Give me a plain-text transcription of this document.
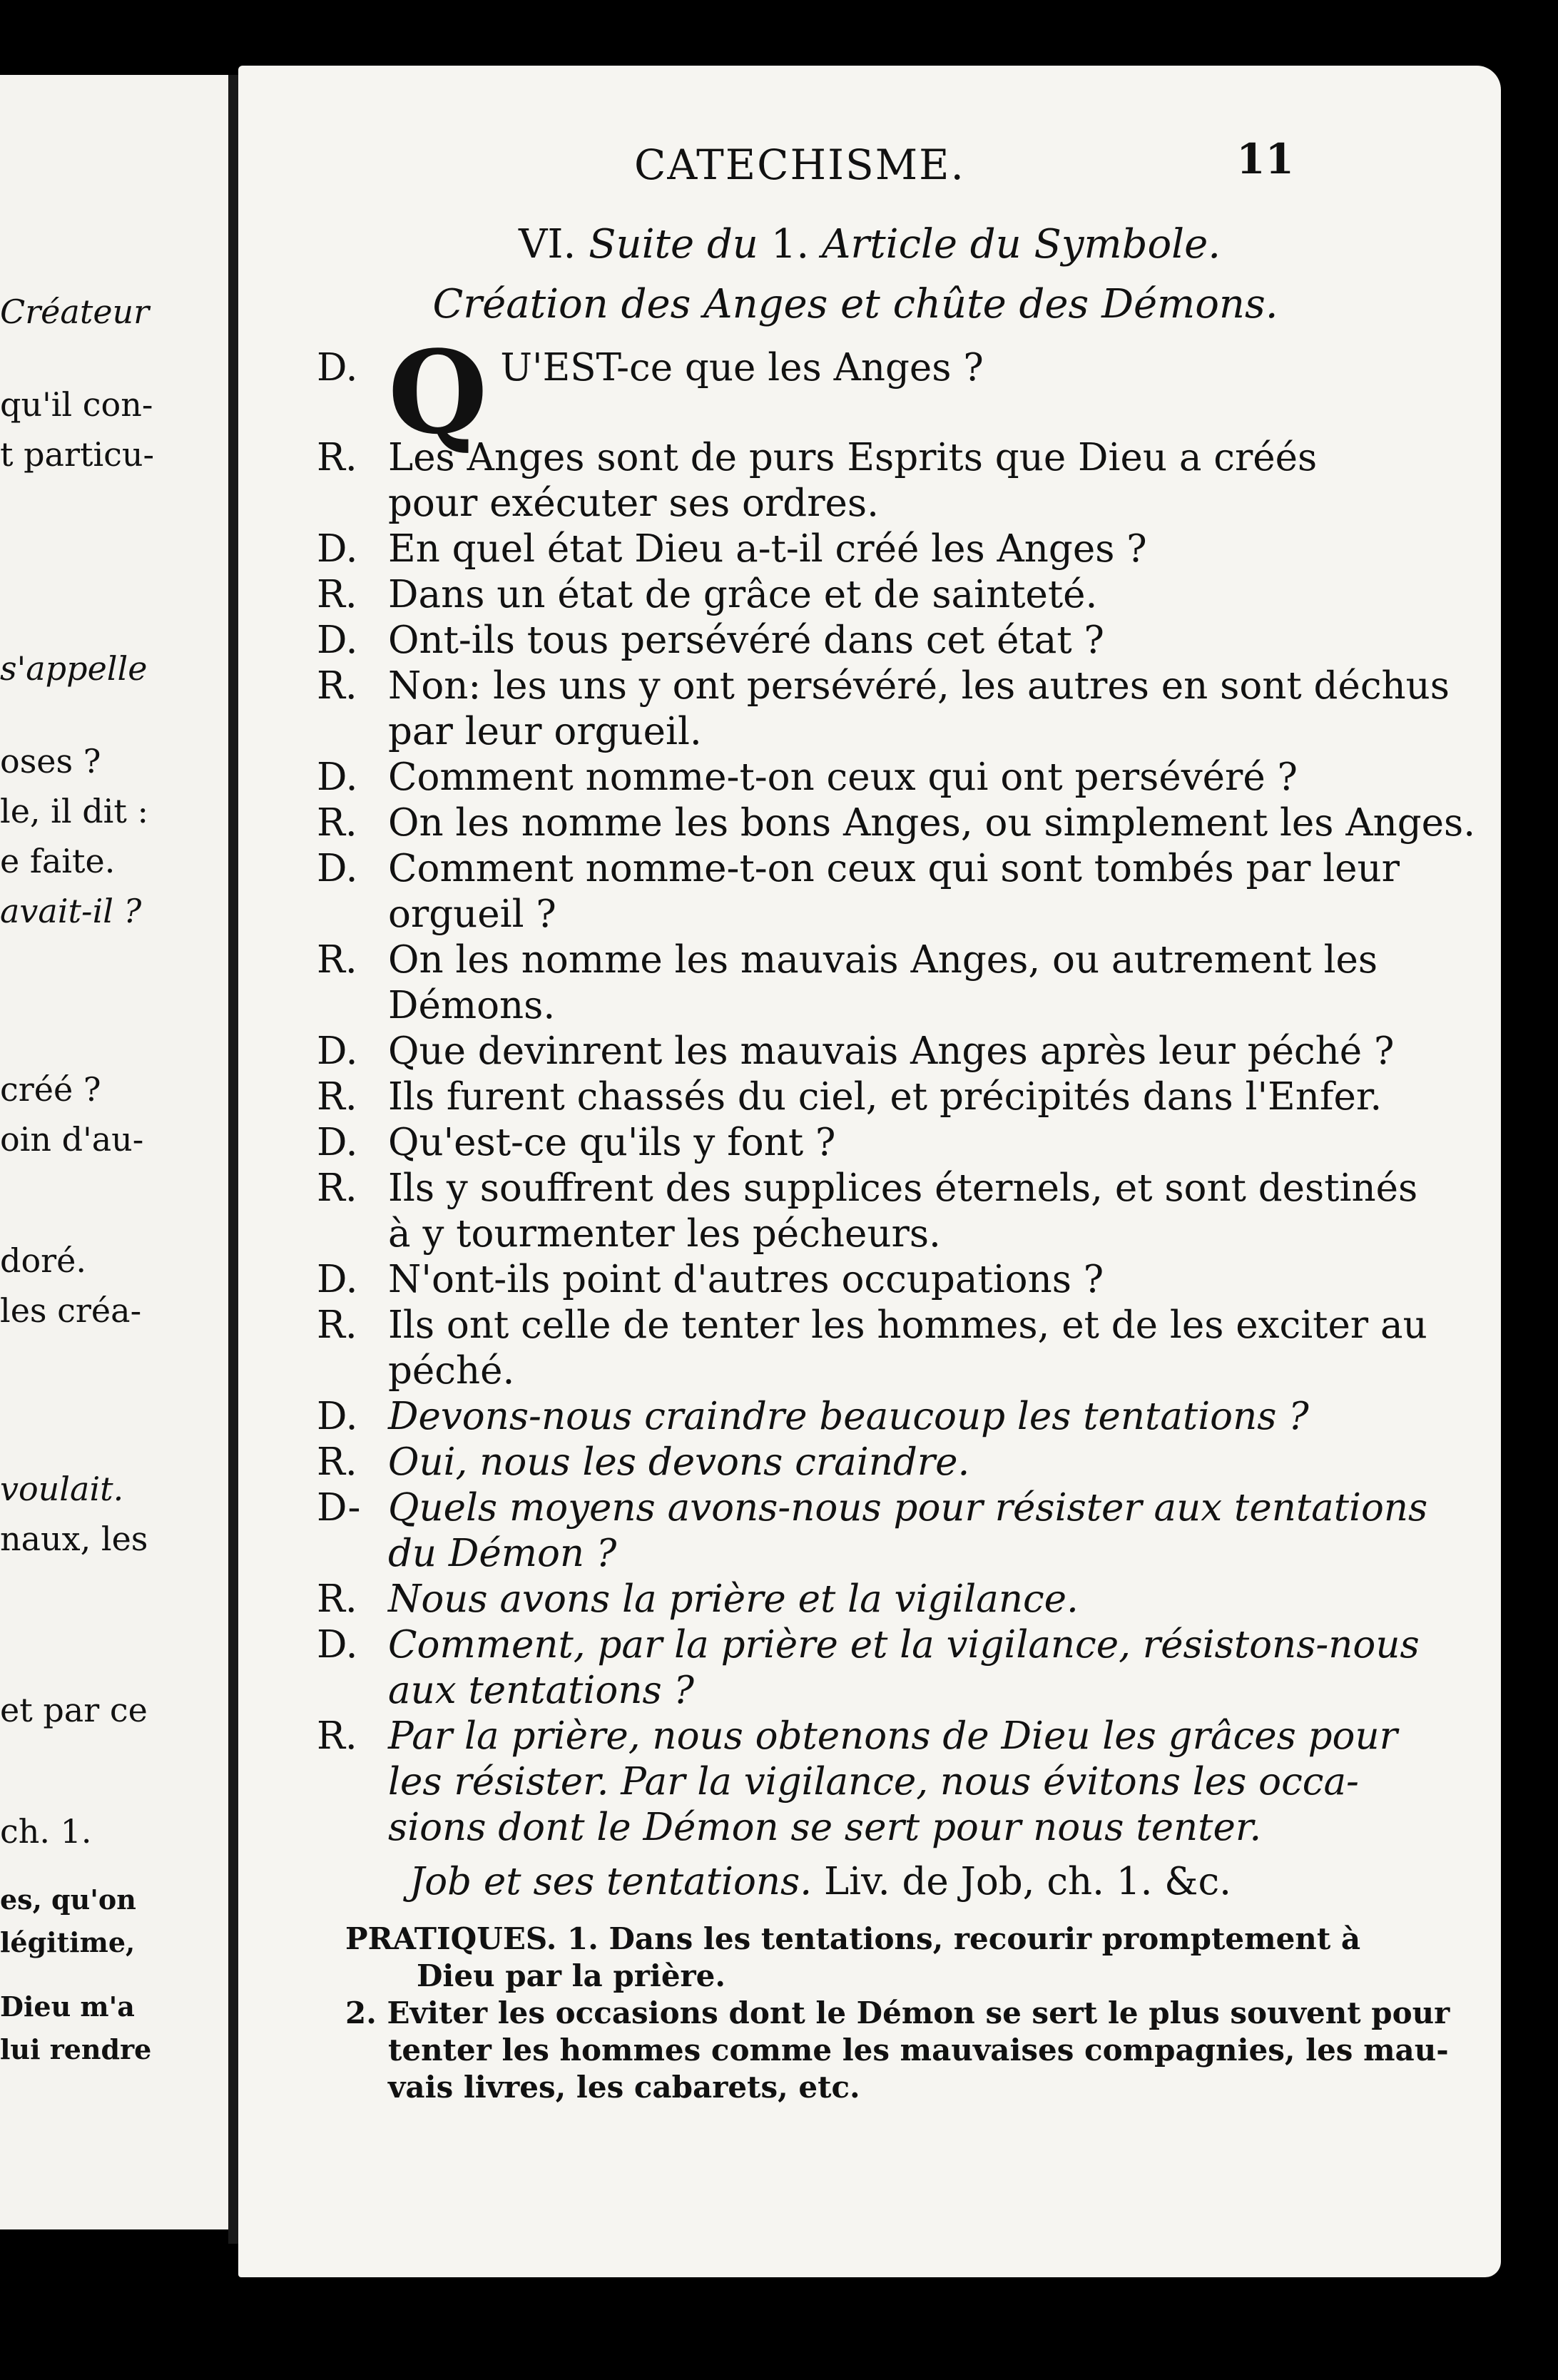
Créateur
qu'il con-
t particu-
s'appelle
oses ?
le, il dit :
e faite.
avait-il ?
créé ?
oin d'au-
doré.
les créa-
voulait.
naux, les
et par ce
ch. 1.
es, qu'on
légitime,
Dieu m'a
lui rendre
CATECHISME.	11
VI. Suite du 1. Article du Symbole.
Création des Anges et chûte des Démons.
D. Q U'EST-ce que les Anges ?
R. Les Anges sont de purs Esprits que Dieu a créés
pour exécuter ses ordres.
D. En quel état Dieu a-t-il créé les Anges ?
R. Dans un état de grâce et de sainteté.
D. Ont-ils tous persévéré dans cet état ?
R. Non: les uns y ont persévéré, les autres en sont déchus
par leur orgueil.
D. Comment nomme-t-on ceux qui ont persévéré ?
R. On les nomme les bons Anges, ou simplement les Anges.
D. Comment nomme-t-on ceux qui sont tombés par leur
orgueil ?
R. On les nomme les mauvais Anges, ou autrement les
Démons.
D. Que devinrent les mauvais Anges après leur péché ?
R. Ils furent chassés du ciel, et précipités dans l'Enfer.
D. Qu'est-ce qu'ils y font ?
R. Ils y souffrent des supplices éternels, et sont destinés
à y tourmenter les pécheurs.
D. N'ont-ils point d'autres occupations ?
R. Ils ont celle de tenter les hommes, et de les exciter au
péché.
D. Devons-nous craindre beaucoup les tentations ?
R. Oui, nous les devons craindre.
D- Quels moyens avons-nous pour résister aux tentations
du Démon ?
R. Nous avons la prière et la vigilance.
D. Comment, par la prière et la vigilance, résistons-nous
aux tentations ?
R. Par la prière, nous obtenons de Dieu les grâces pour
les résister. Par la vigilance, nous évitons les occa-
sions dont le Démon se sert pour nous tenter.
Job et ses tentations. Liv. de Job, ch. 1. &c.
PRATIQUES. 1. Dans les tentations, recourir promptement à
Dieu par la prière.
2. Eviter les occasions dont le Démon se sert le plus souvent pour
tenter les hommes comme les mauvaises compagnies, les mau-
vais livres, les cabarets, etc.
